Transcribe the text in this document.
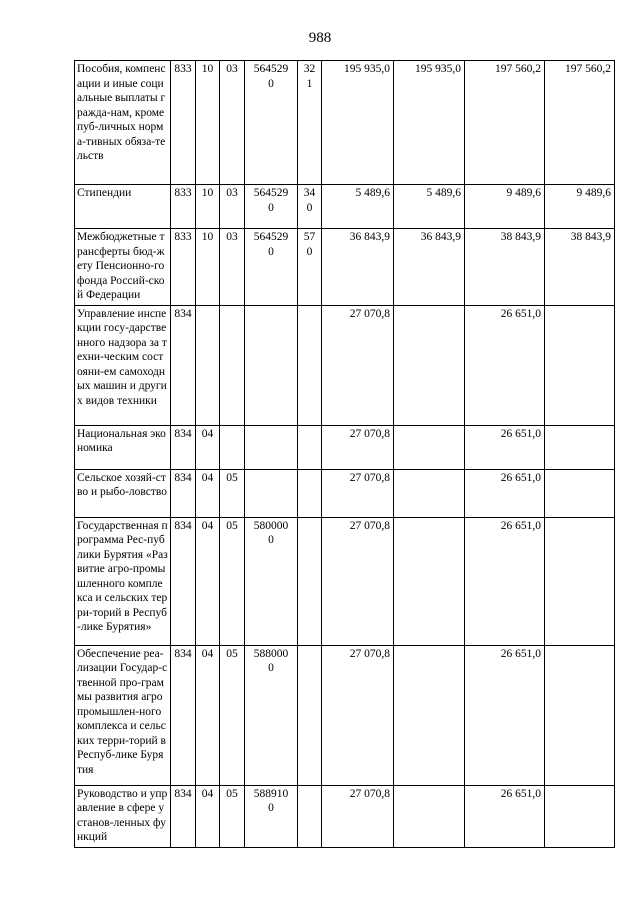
988
Пособия, компенсации и иные социальные выплаты гражда-нам, кроме пуб-личных норма-тивных обяза-тельств	833	10	03	5645290	321	195 935,0	195 935,0	197 560,2	197 560,2
Стипендии	833	10	03	5645290	340	5 489,6	5 489,6	9 489,6	9 489,6
Межбюджетные трансферты бюд-жету Пенсионно-го фонда Россий-ской Федерации	833	10	03	5645290	570	36 843,9	36 843,9	38 843,9	38 843,9
Управление инспекции госу-дарственного надзора за техни-ческим состояни-ем самоходных машин и других видов техники	834					27 070,8		26 651,0	
Национальная экономика	834	04				27 070,8		26 651,0	
Сельское хозяй-ство и рыбо-ловство	834	04	05			27 070,8		26 651,0	
Государственная программа Рес-публики Бурятия «Развитие агро-промышленного комплекса и сельских терри-торий в Респуб-лике Бурятия»	834	04	05	5800000		27 070,8		26 651,0	
Обеспечение реа-лизации Государ-ственной про-граммы развития агропромышлен-ного комплекса и сельских терри-торий в Респуб-лике Бурятия	834	04	05	5880000		27 070,8		26 651,0	
Руководство и управление в сфере установ-ленных функций	834	04	05	5889100		27 070,8		26 651,0	
